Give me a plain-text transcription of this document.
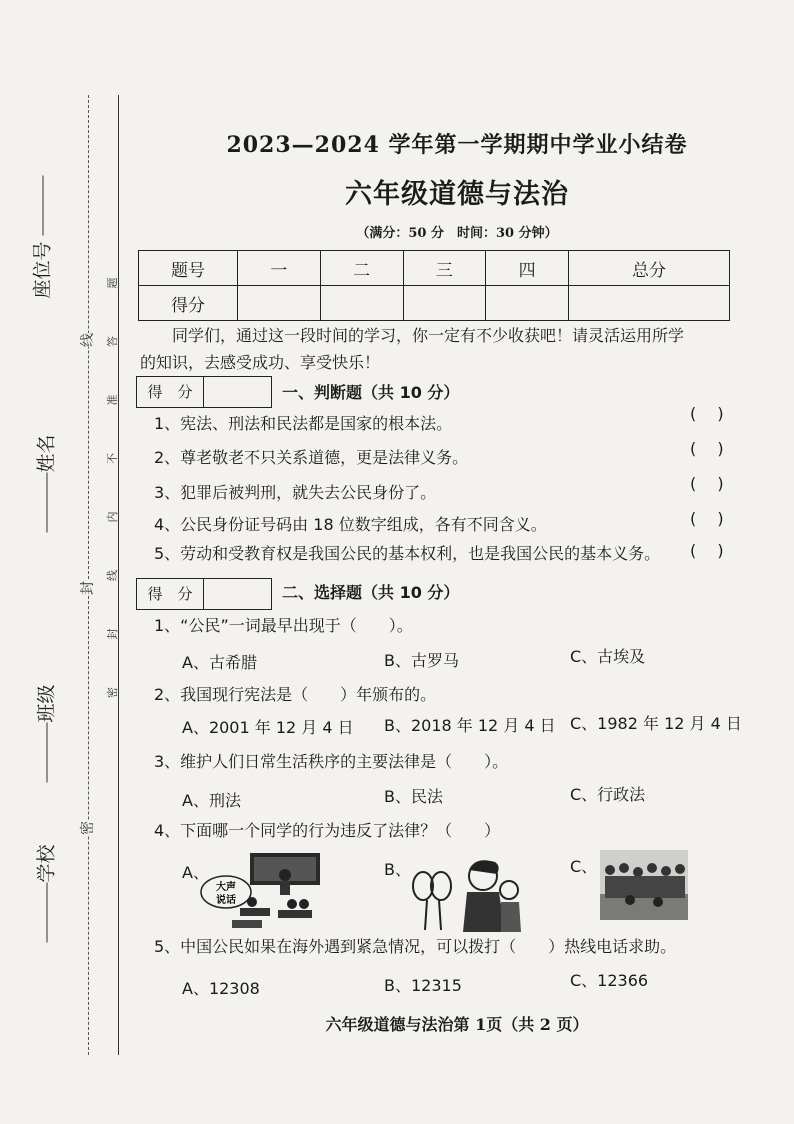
座位号
姓名
班级
学校
线
封
密
密 封 线 内 不 准 答 题
2023—2024 学年第一学期期中学业小结卷
六年级道德与法治
（满分：50 分　时间：30 分钟）
题号	一	二	三	四	总分
得分					
同学们，通过这一段时间的学习，你一定有不少收获吧！请灵活运用所学
的知识，去感受成功、享受快乐！
得　分	一、判断题（共 10 分）
1、宪法、刑法和民法都是国家的根本法。
(　 )
2、尊老敬老不只关系道德，更是法律义务。	(　 )
3、犯罪后被判刑，就失去公民身份了。	(　 )
4、公民身份证号码由 18 位数字组成，各有不同含义。	(　 )
5、劳动和受教育权是我国公民的基本权利，也是我国公民的基本义务。 (　 )
得　分	二、选择题（共 10 分）
1、“公民”一词最早出现于（　　）。
A、古希腊	B、古罗马	C、古埃及
2、我国现行宪法是（　　）年颁布的。
A、2001 年 12 月 4 日 B、2018 年 12 月 4 日 C、1982 年 12 月 4 日
3、维护人们日常生活秩序的主要法律是（　　）。
A、刑法	B、民法	C、行政法
4、下面哪一个同学的行为违反了法律？（　　）
A、	B、	C、
大声
说话
5、中国公民如果在海外遇到紧急情况，可以拨打（　　）热线电话求助。
A、12308	B、12315	C、12366
六年级道德与法治第 1页（共 2 页）
